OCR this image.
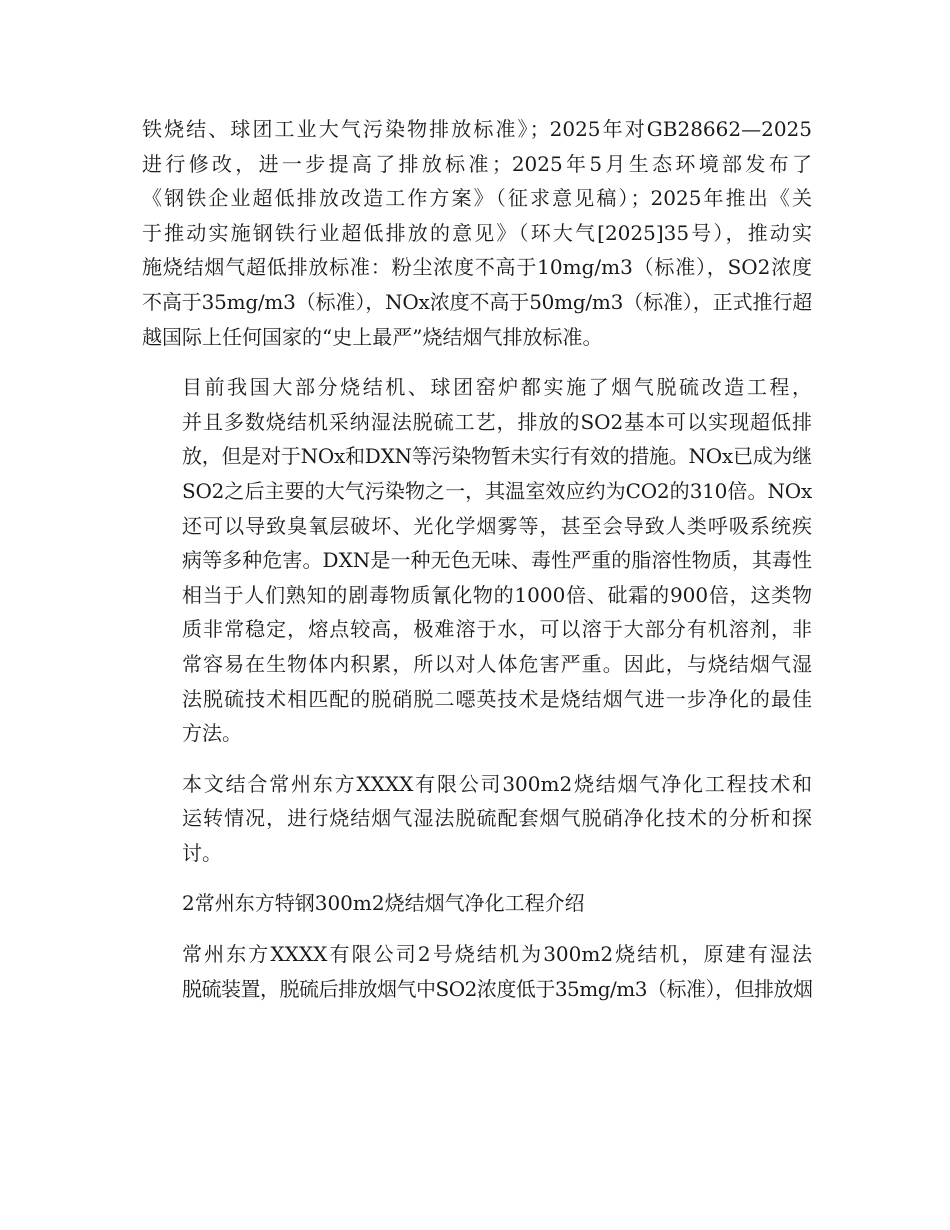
铁烧结、球团工业大气污染物排放标准》；2025年对GB28662—2025
进行修改，进一步提高了排放标准；2025年5月生态环境部发布了
《钢铁企业超低排放改造工作方案》（征求意见稿）；2025年推出《关
于推动实施钢铁行业超低排放的意见》（环大气[2025]35号），推动实
施烧结烟气超低排放标准：粉尘浓度不高于10mg/m3（标准），SO2浓度
不高于35mg/m3（标准），NOx浓度不高于50mg/m3（标准），正式推行超
越国际上任何国家的“史上最严”烧结烟气排放标准。

目前我国大部分烧结机、球团窑炉都实施了烟气脱硫改造工程，
并且多数烧结机采纳湿法脱硫工艺，排放的SO2基本可以实现超低排
放，但是对于NOx和DXN等污染物暂未实行有效的措施。NOx已成为继
SO2之后主要的大气污染物之一，其温室效应约为CO2的310倍。NOx
还可以导致臭氧层破坏、光化学烟雾等，甚至会导致人类呼吸系统疾
病等多种危害。DXN是一种无色无味、毒性严重的脂溶性物质，其毒性
相当于人们熟知的剧毒物质氰化物的1000倍、砒霜的900倍，这类物
质非常稳定，熔点较高，极难溶于水，可以溶于大部分有机溶剂，非
常容易在生物体内积累，所以对人体危害严重。因此，与烧结烟气湿
法脱硫技术相匹配的脱硝脱二噁英技术是烧结烟气进一步净化的最佳
方法。

本文结合常州东方XXXX有限公司300m2烧结烟气净化工程技术和
运转情况，进行烧结烟气湿法脱硫配套烟气脱硝净化技术的分析和探
讨。

2常州东方特钢300m2烧结烟气净化工程介绍

常州东方XXXX有限公司2号烧结机为300m2烧结机，原建有湿法
脱硫装置，脱硫后排放烟气中SO2浓度低于35mg/m3（标准），但排放烟
